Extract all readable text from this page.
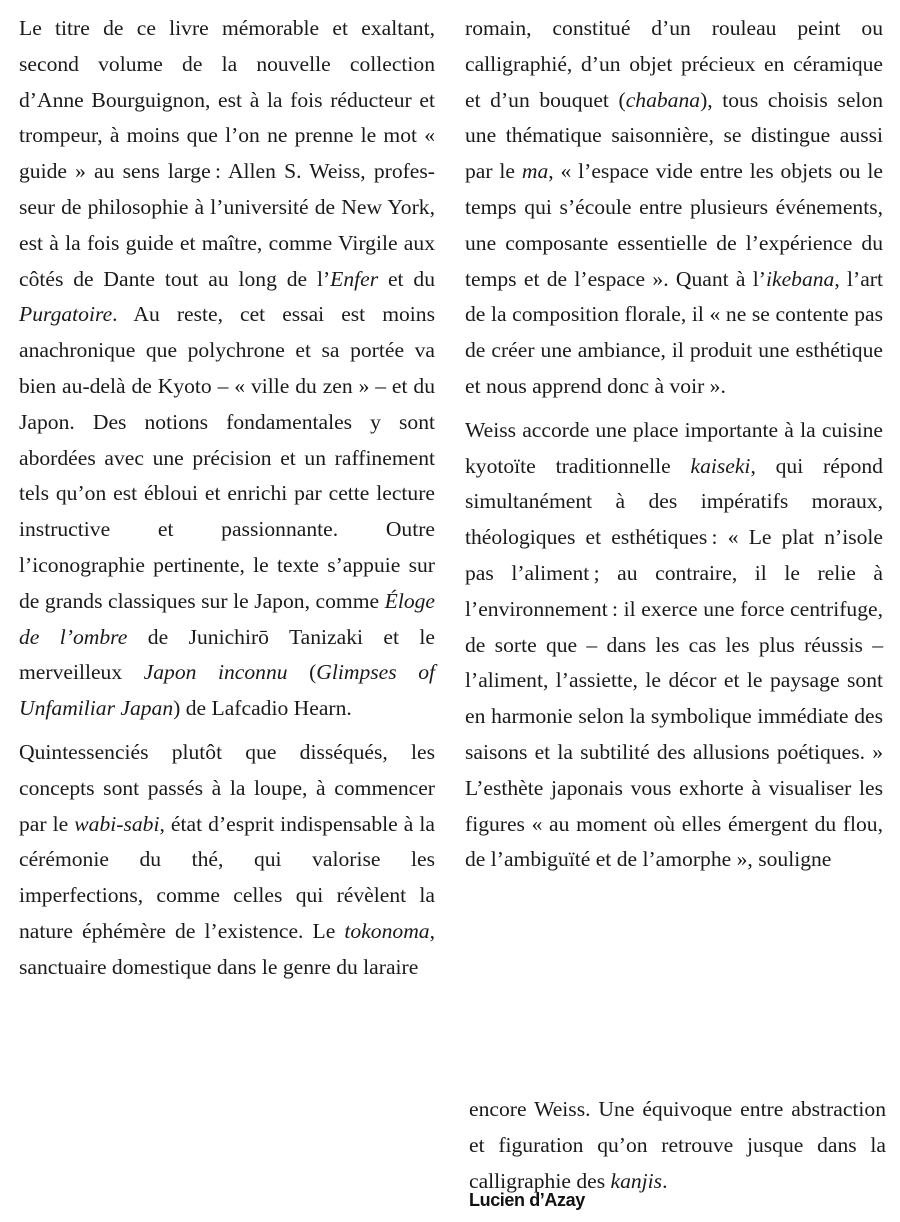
Le titre de ce livre mémorable et exaltant, second volume de la nouvelle collection d’Anne Bourguignon, est à la fois réducteur et trompeur, à moins que l’on ne prenne le mot « guide » au sens large : Allen S. Weiss, professeur de philosophie à l’université de New York, est à la fois guide et maître, comme Virgile aux côtés de Dante tout au long de l’Enfer et du Purgatoire. Au reste, cet essai est moins anachronique que polychrone et sa portée va bien au-delà de Kyoto – « ville du zen » – et du Japon. Des notions fondamentales y sont abordées avec une précision et un raffinement tels qu’on est ébloui et enrichi par cette lecture instructive et passionnante. Outre l’iconographie pertinente, le texte s’appuie sur de grands classiques sur le Japon, comme Éloge de l’ombre de Junichirō Tanizaki et le merveilleux Japon inconnu (Glimpses of Unfamiliar Japan) de Lafcadio Hearn.

Quintessenciés plutôt que disséqués, les concepts sont passés à la loupe, à commencer par le wabi-sabi, état d’esprit indispensable à la cérémonie du thé, qui valorise les imperfections, comme celles qui révèlent la nature éphémère de l’existence. Le tokonoma, sanctuaire domestique dans le genre du laraire

romain, constitué d’un rouleau peint ou calligraphié, d’un objet précieux en céramique et d’un bouquet (chabana), tous choisis selon une thématique saisonnière, se distingue aussi par le ma, « l’espace vide entre les objets ou le temps qui s’écoule entre plusieurs événements, une composante essentielle de l’expérience du temps et de l’espace ». Quant à l’ikebana, l’art de la composition florale, il « ne se contente pas de créer une ambiance, il produit une esthétique et nous apprend donc à voir ».

Weiss accorde une place importante à la cuisine kyotoïte traditionnelle kaiseki, qui répond simultanément à des impératifs moraux, théologiques et esthétiques : « Le plat n’isole pas l’aliment ; au contraire, il le relie à l’environnement : il exerce une force centrifuge, de sorte que – dans les cas les plus réussis – l’aliment, l’assiette, le décor et le paysage sont en harmonie selon la symbolique immédiate des saisons et la subtilité des allusions poétiques. » L’esthète japonais vous exhorte à visualiser les figures « au moment où elles émergent du flou, de l’ambiguïté et de l’amorphe », souligne

encore Weiss. Une équivoque entre abstraction et figuration qu’on retrouve jusque dans la calligraphie des kanjis.

Lucien d’Azay
